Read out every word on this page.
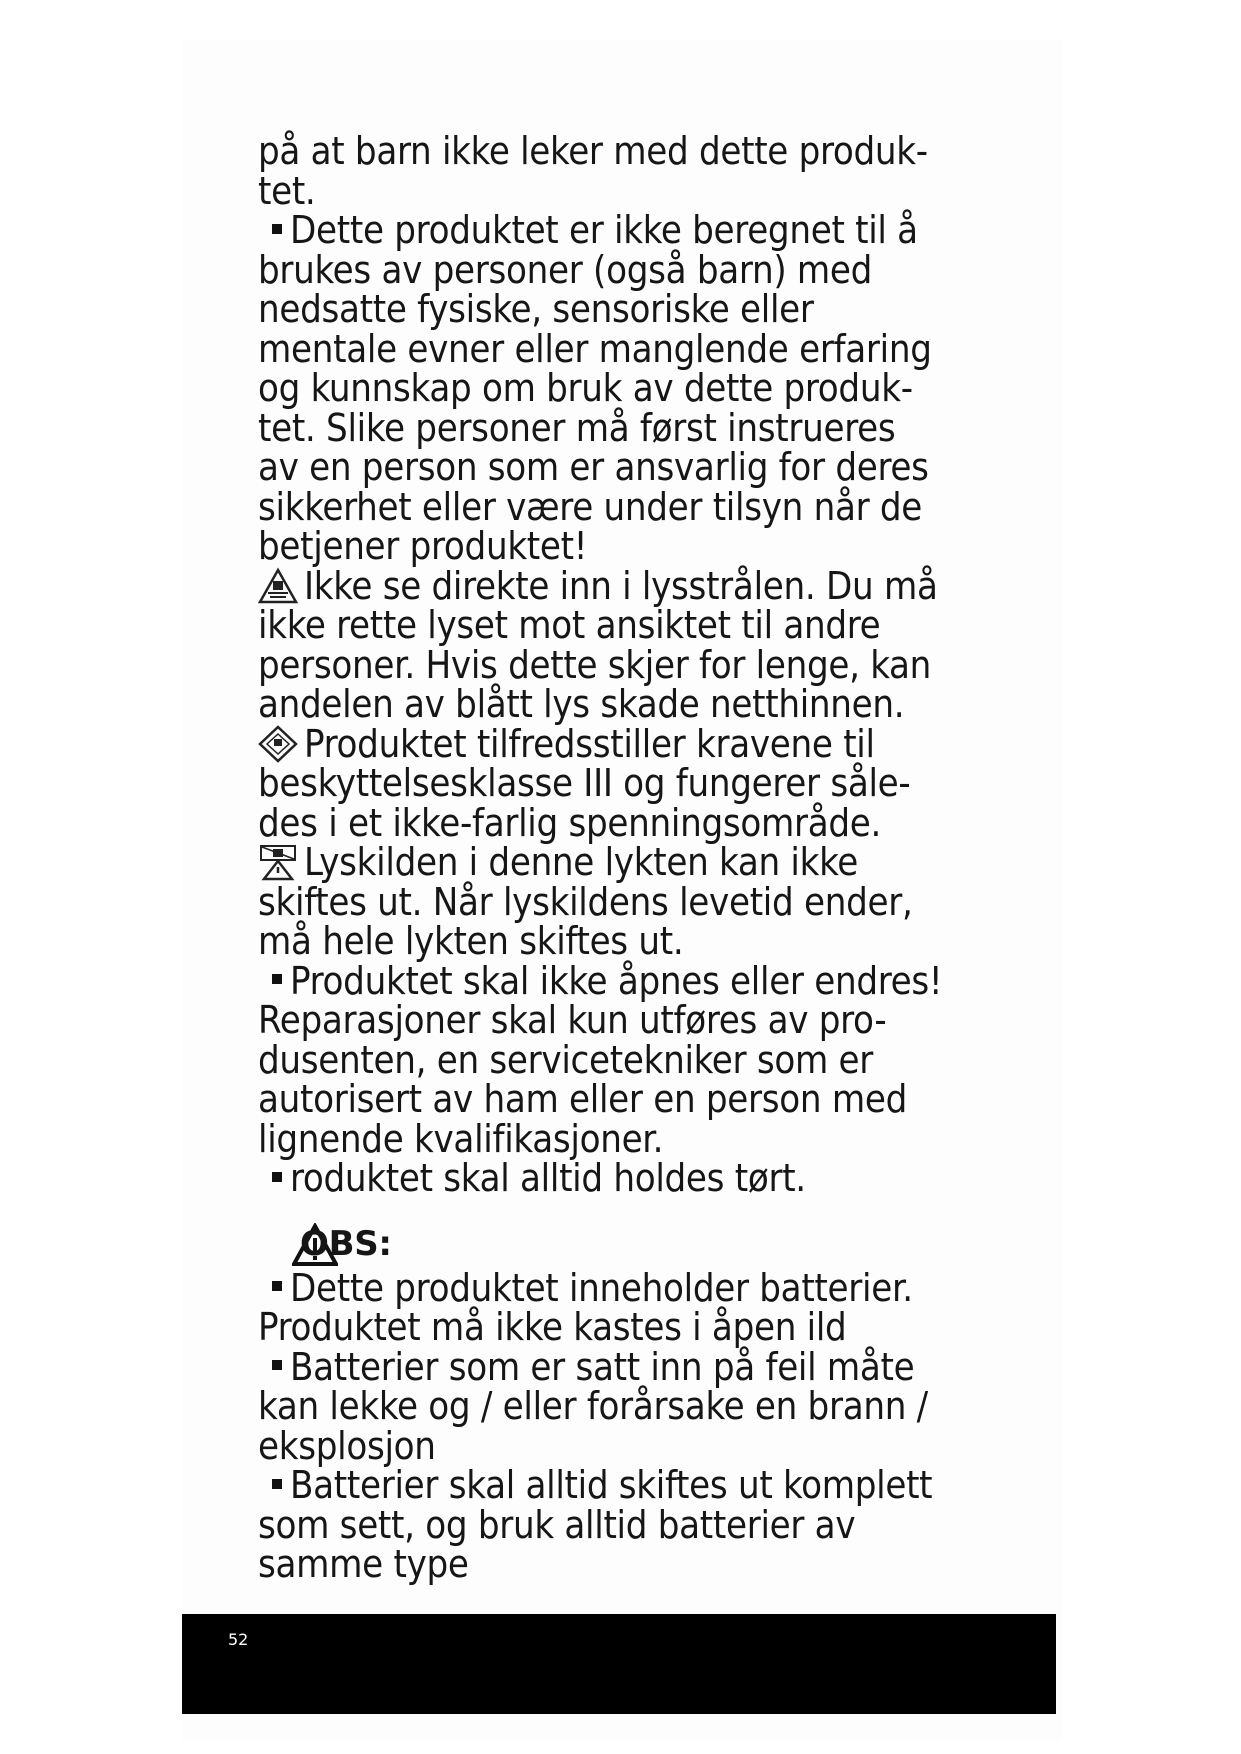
på at barn ikke leker med dette produk-
tet.

Dette produktet er ikke beregnet til å
brukes av personer (også barn) med
nedsatte fysiske, sensoriske eller
mentale evner eller manglende erfaring
og kunnskap om bruk av dette produk-
tet. Slike personer må først instrueres
av en person som er ansvarlig for deres
sikkerhet eller være under tilsyn når de
betjener produktet!

Ikke se direkte inn i lysstrålen. Du må
ikke rette lyset mot ansiktet til andre
personer. Hvis dette skjer for lenge, kan
andelen av blått lys skade netthinnen.

Produktet tilfredsstiller kravene til
beskyttelsesklasse III og fungerer såle-
des i et ikke-farlig spenningsområde.

Lyskilden i denne lykten kan ikke
skiftes ut. Når lyskildens levetid ender,
må hele lykten skiftes ut.

Produktet skal ikke åpnes eller endres!
Reparasjoner skal kun utføres av pro-
dusenten, en servicetekniker som er
autorisert av ham eller en person med
lignende kvalifikasjoner.

roduktet skal alltid holdes tørt.

OBS:

Dette produktet inneholder batterier.
Produktet må ikke kastes i åpen ild

Batterier som er satt inn på feil måte
kan lekke og / eller forårsake en brann /
eksplosjon

Batterier skal alltid skiftes ut komplett
som sett, og bruk alltid batterier av
samme type

52
